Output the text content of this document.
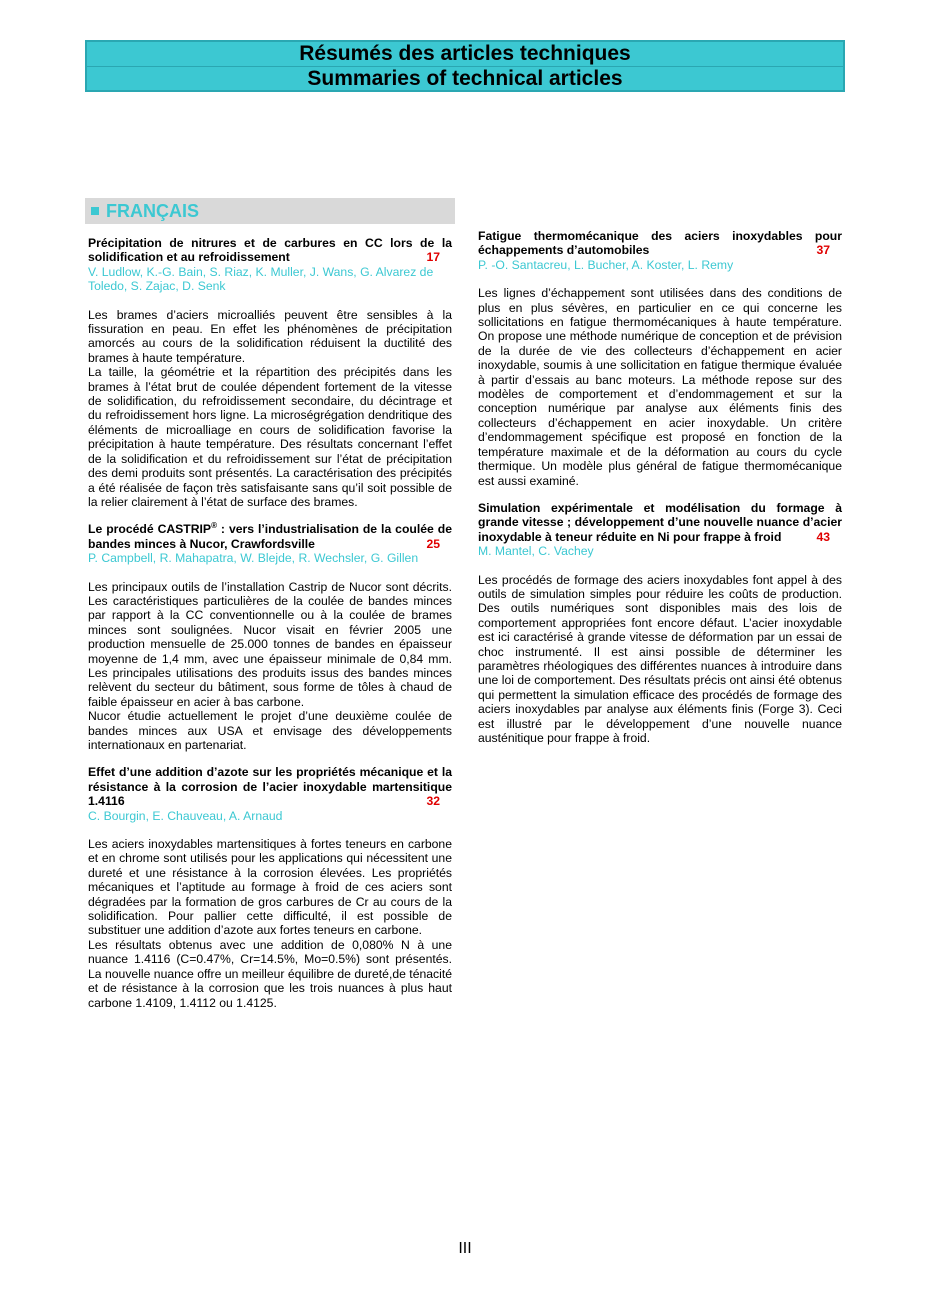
Résumés des articles techniques
Summaries of technical articles
FRANÇAIS
Précipitation de nitrures et de carbures en CC lors de la solidification et au refroidissement	17
V. Ludlow, K.-G. Bain, S. Riaz, K. Muller, J. Wans, G. Alvarez de Toledo, S. Zajac, D. Senk

Les brames d’aciers microalliés peuvent être sensibles à la fissuration en peau. En effet les phénomènes de précipitation amorcés au cours de la solidification réduisent la ductilité des brames à haute température.

La taille, la géométrie et la répartition des précipités dans les brames à l’état brut de coulée dépendent fortement de la vitesse de solidification, du refroidissement secondaire, du décintrage et du refroidissement hors ligne. La microségrégation dendritique des éléments de microalliage en cours de solidification favorise la précipitation à haute température. Des résultats concernant l’effet de la solidification et du refroidissement sur l’état de précipitation des demi produits sont présentés. La caractérisation des précipités a été réalisée de façon très satisfaisante sans qu’il soit possible de la relier clairement à l’état de surface des brames.

Le procédé CASTRIP® : vers l’industrialisation de la coulée de bandes minces à Nucor, Crawfordsville	25
P. Campbell, R. Mahapatra, W. Blejde, R. Wechsler, G. Gillen

Les principaux outils de l’installation Castrip de Nucor sont décrits. Les caractéristiques particulières de la coulée de bandes minces par rapport à la CC conventionnelle ou à la coulée de brames minces sont soulignées. Nucor visait en février 2005 une production mensuelle de 25.000 tonnes de bandes en épaisseur moyenne de 1,4 mm, avec une épaisseur minimale de 0,84 mm. Les principales utilisations des produits issus des bandes minces relèvent du secteur du bâtiment, sous forme de tôles à chaud de faible épaisseur en acier à bas carbone.

Nucor étudie actuellement le projet d’une deuxième coulée de bandes minces aux USA et envisage des développements internationaux en partenariat.

Effet d’une addition d’azote sur les propriétés mécanique et la résistance à la corrosion de l’acier inoxydable martensitique 1.4116	32
C. Bourgin, E. Chauveau, A. Arnaud

Les aciers inoxydables martensitiques à fortes teneurs en carbone et en chrome sont utilisés pour les applications qui nécessitent une dureté et une résistance à la corrosion élevées. Les propriétés mécaniques et l’aptitude au formage à froid de ces aciers sont dégradées par la formation de gros carbures de Cr au cours de la solidification. Pour pallier cette difficulté, il est possible de substituer une addition d’azote aux fortes teneurs en carbone.

Les résultats obtenus avec une addition de 0,080% N à une nuance 1.4116 (C=0.47%, Cr=14.5%, Mo=0.5%) sont présentés. La nouvelle nuance offre un meilleur équilibre de dureté,de ténacité et de résistance à la corrosion que les trois nuances à plus haut carbone 1.4109, 1.4112 ou 1.4125.

Fatigue thermomécanique des aciers inoxydables pour échappements d’automobiles	37
P. -O. Santacreu, L. Bucher, A. Koster, L. Remy

Les lignes d’échappement sont utilisées dans des conditions de plus en plus sévères, en particulier en ce qui concerne les sollicitations en fatigue thermomécaniques à haute température. On propose une méthode numérique de conception et de prévision de la durée de vie des collecteurs d’échappement en acier inoxydable, soumis à une sollicitation en fatigue thermique évaluée à partir d’essais au banc moteurs. La méthode repose sur des modèles de comportement et d’endommagement et sur la conception numérique par analyse aux éléments finis des collecteurs d’échappement en acier inoxydable. Un critère d’endommagement spécifique est proposé en fonction de la température maximale et de la déformation au cours du cycle thermique. Un modèle plus général de fatigue thermomécanique est aussi examiné.

Simulation expérimentale et modélisation du formage à grande vitesse ; développement d’une nouvelle nuance d’acier inoxydable à teneur réduite en Ni pour frappe à froid	43
M. Mantel, C. Vachey

Les procédés de formage des aciers inoxydables font appel à des outils de simulation simples pour réduire les coûts de production. Des outils numériques sont disponibles mais des lois de comportement appropriées font encore défaut. L’acier inoxydable est ici caractérisé à grande vitesse de déformation par un essai de choc instrumenté. Il est ainsi possible de déterminer les paramètres rhéologiques des différentes nuances à introduire dans une loi de comportement. Des résultats précis ont ainsi été obtenus qui permettent la simulation efficace des procédés de formage des aciers inoxydables par analyse aux éléments finis (Forge 3). Ceci est illustré par le développement d’une nouvelle nuance austénitique pour frappe à froid.

III
